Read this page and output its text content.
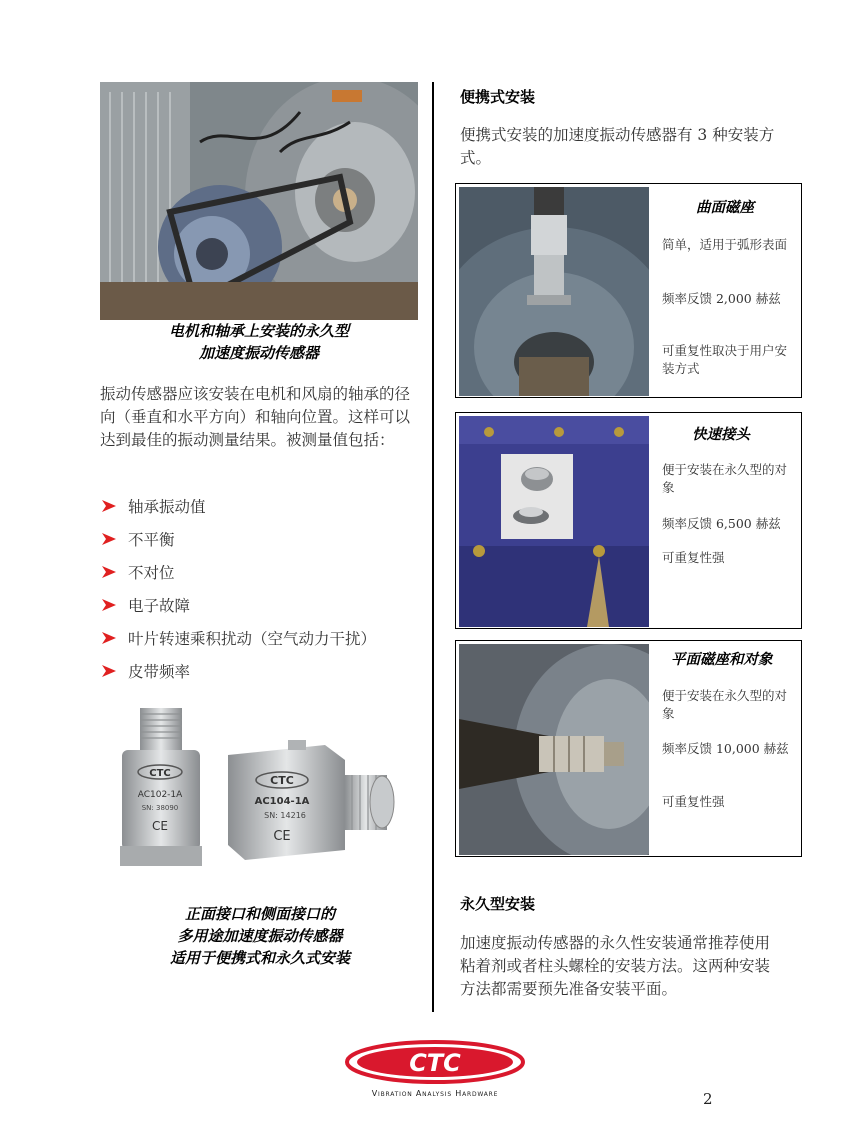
电机和轴承上安装的永久型
加速度振动传感器

振动传感器应该安装在电机和风扇的轴承的径向（垂直和水平方向）和轴向位置。这样可以达到最佳的振动测量结果。被测量值包括：

轴承振动值
不平衡
不对位
电子故障
叶片转速乘积扰动（空气动力干扰）
皮带频率
CTC
AC102-1A
SN: 38090
CE
CTC
AC104-1A
SN: 14216
CE
正面接口和侧面接口的
多用途加速度振动传感器
适用于便携式和永久式安装
便携式安装

便携式安装的加速度振动传感器有 3 种安装方式。

曲面磁座
简单，适用于弧形表面
频率反馈 2,000 赫兹
可重复性取决于用户安装方式
快速接头
便于安装在永久型的对象
频率反馈 6,500 赫兹
可重复性强
平面磁座和对象
便于安装在永久型的对象
频率反馈 10,000 赫兹
可重复性强
永久型安装

加速度振动传感器的永久性安装通常推荐使用粘着剂或者柱头螺栓的安装方法。这两种安装方法都需要预先准备安装平面。

CTC
Vibration Analysis Hardware	2
